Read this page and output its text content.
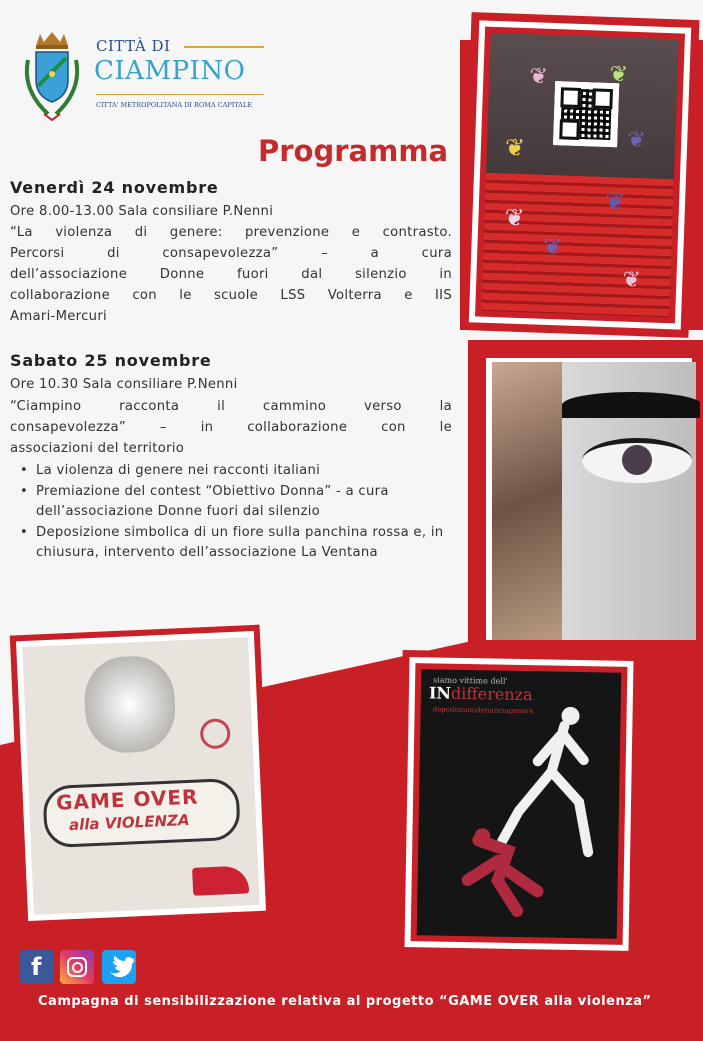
CITTÀ DI
CIAMPINO
CITTA' METROPOLITANA DI ROMA CAPITALE
Programma
Venerdì 24 novembre
Ore 8.00-13.00 Sala consiliare P.Nenni
“La violenza di genere: prevenzione e contrasto.
Percorsi di consapevolezza” – a cura
dell’associazione Donne fuori dal silenzio in
collaborazione con le scuole LSS Volterra e IIS
Amari-Mercuri
Sabato 25 novembre
Ore 10.30 Sala consiliare P.Nenni
“Ciampino racconta il cammino verso la
consapevolezza” – in collaborazione con le
associazioni del territorio
• La violenza di genere nei racconti italiani
• Premiazione del contest “Obiettivo Donna” - a cura dell’associazione Donne fuori dal silenzio
• Deposizione simbolica di un fiore sulla panchina rossa e, in chiusura, intervento dell’associazione La Ventana
❦	❦
❦	❦
❦
❦
❦
❦
GAME OVER
alla VIOLENZA
siamo vittime dell'
INdifferenza
dopodomanidenunciagenere
f
Campagna di sensibilizzazione relativa al progetto “GAME OVER alla violenza”
